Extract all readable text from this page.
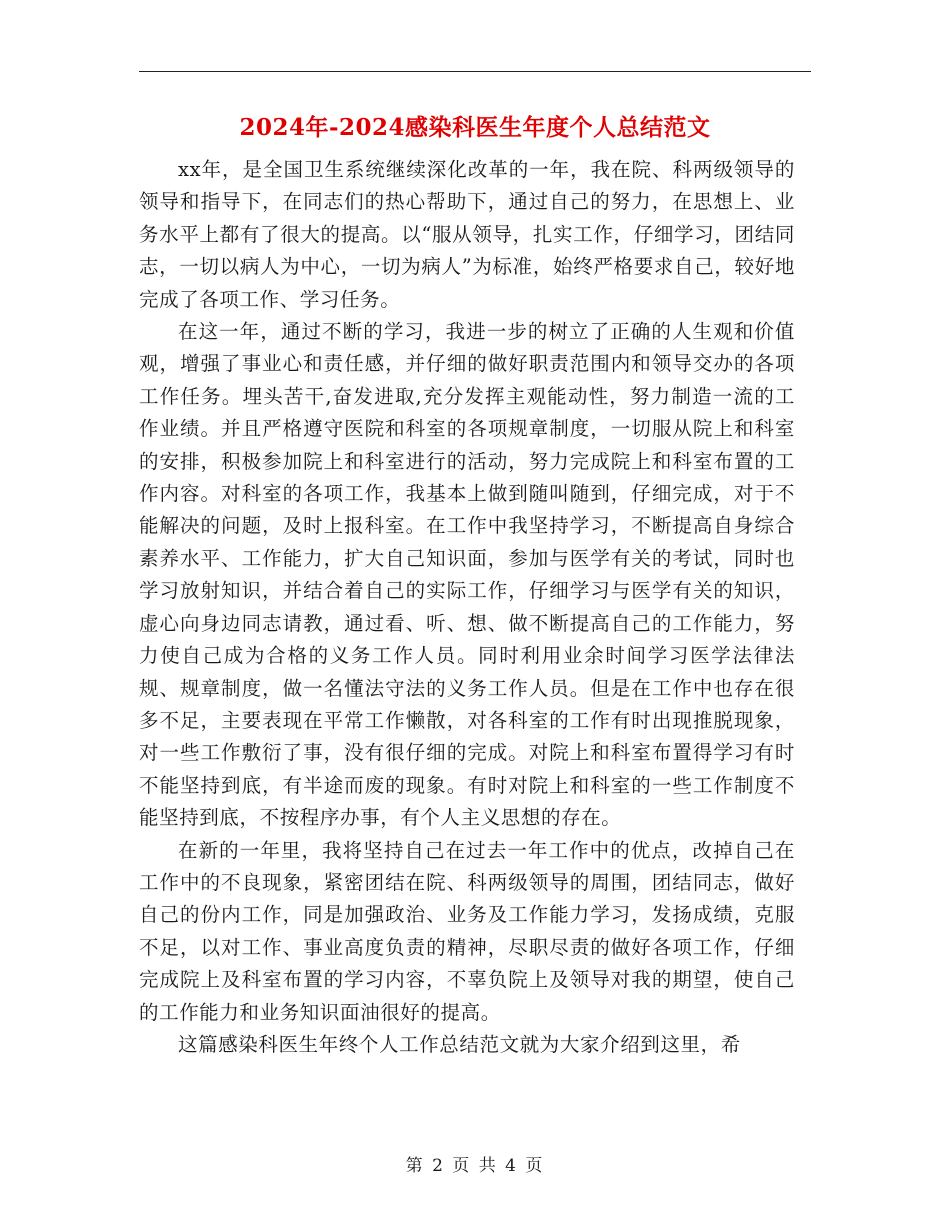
2024年-2024感染科医生年度个人总结范文

xx年，是全国卫生系统继续深化改革的一年，我在院、科两级领导的领导和指导下，在同志们的热心帮助下，通过自己的努力，在思想上、业务水平上都有了很大的提高。以“服从领导，扎实工作，仔细学习，团结同志，一切以病人为中心，一切为病人”为标准，始终严格要求自己，较好地完成了各项工作、学习任务。

在这一年，通过不断的学习，我进一步的树立了正确的人生观和价值观，增强了事业心和责任感，并仔细的做好职责范围内和领导交办的各项工作任务。埋头苦干,奋发进取,充分发挥主观能动性，努力制造一流的工作业绩。并且严格遵守医院和科室的各项规章制度，一切服从院上和科室的安排，积极参加院上和科室进行的活动，努力完成院上和科室布置的工作内容。对科室的各项工作，我基本上做到随叫随到，仔细完成，对于不能解决的问题，及时上报科室。在工作中我坚持学习，不断提高自身综合素养水平、工作能力，扩大自己知识面，参加与医学有关的考试，同时也学习放射知识，并结合着自己的实际工作，仔细学习与医学有关的知识，虚心向身边同志请教，通过看、听、想、做不断提高自己的工作能力，努力使自己成为合格的义务工作人员。同时利用业余时间学习医学法律法规、规章制度，做一名懂法守法的义务工作人员。但是在工作中也存在很多不足，主要表现在平常工作懒散，对各科室的工作有时出现推脱现象，对一些工作敷衍了事，没有很仔细的完成。对院上和科室布置得学习有时不能坚持到底，有半途而废的现象。有时对院上和科室的一些工作制度不能坚持到底，不按程序办事，有个人主义思想的存在。

在新的一年里，我将坚持自己在过去一年工作中的优点，改掉自己在工作中的不良现象，紧密团结在院、科两级领导的周围，团结同志，做好自己的份内工作，同是加强政治、业务及工作能力学习，发扬成绩，克服不足，以对工作、事业高度负责的精神，尽职尽责的做好各项工作，仔细完成院上及科室布置的学习内容，不辜负院上及领导对我的期望，使自己的工作能力和业务知识面油很好的提高。

这篇感染科医生年终个人工作总结范文就为大家介绍到这里，希

第 2 页 共 4 页
